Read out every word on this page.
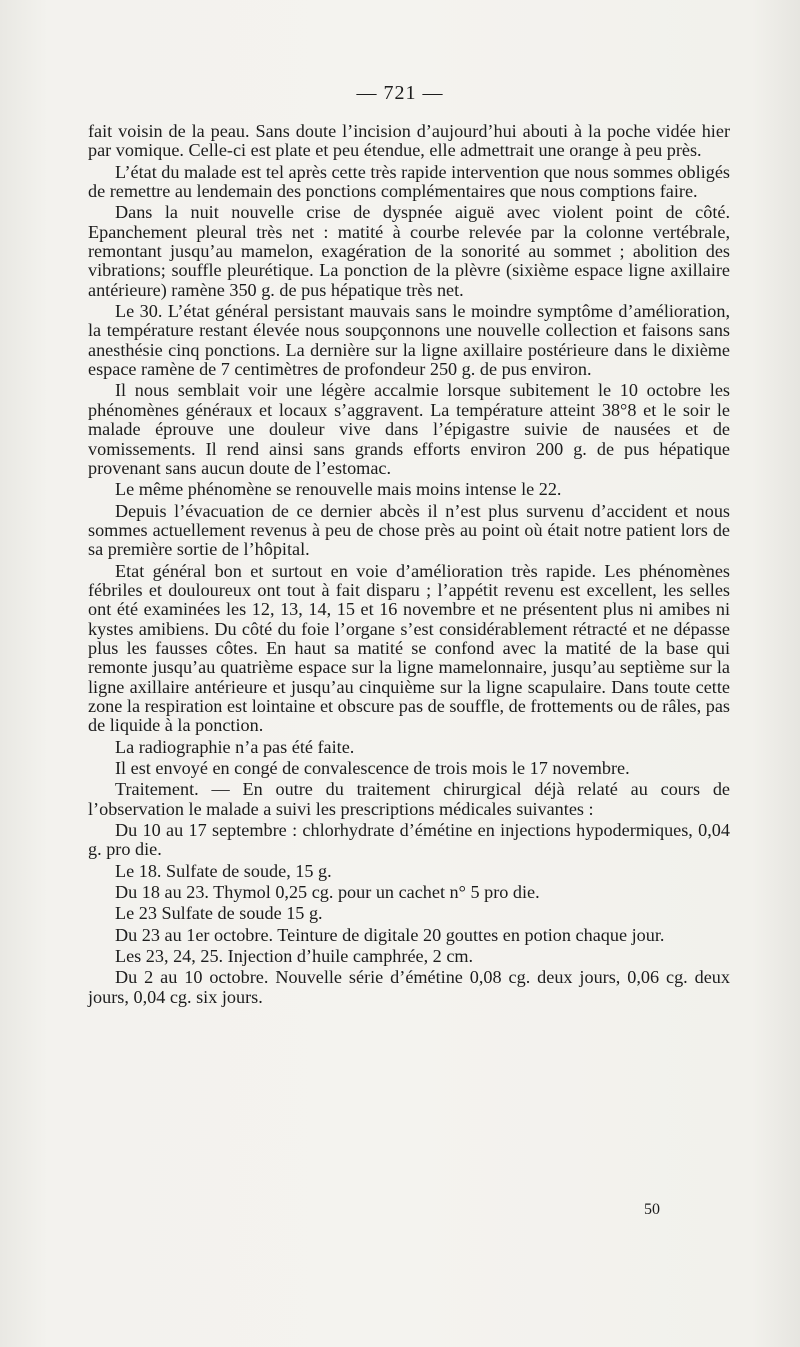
— 721 —

fait voisin de la peau. Sans doute l’incision d’aujourd’hui abouti à la poche vidée hier par vomique. Celle-ci est plate et peu étendue, elle admettrait une orange à peu près.

L’état du malade est tel après cette très rapide intervention que nous sommes obligés de remettre au lendemain des ponctions complémentaires que nous comptions faire.

Dans la nuit nouvelle crise de dyspnée aiguë avec violent point de côté. Epanchement pleural très net : matité à courbe relevée par la colonne vertébrale, remontant jusqu’au mamelon, exagération de la sonorité au sommet ; abolition des vibrations; souffle pleurétique. La ponction de la plèvre (sixième espace ligne axillaire antérieure) ramène 350 g. de pus hépatique très net.

Le 30. L’état général persistant mauvais sans le moindre symptôme d’amélioration, la température restant élevée nous soupçonnons une nouvelle collection et faisons sans anesthésie cinq ponctions. La dernière sur la ligne axillaire postérieure dans le dixième espace ramène de 7 centimètres de profondeur 250 g. de pus environ.

Il nous semblait voir une légère accalmie lorsque subitement le 10 octobre les phénomènes généraux et locaux s’aggravent. La température atteint 38°8 et le soir le malade éprouve une douleur vive dans l’épigastre suivie de nausées et de vomissements. Il rend ainsi sans grands efforts environ 200 g. de pus hépatique provenant sans aucun doute de l’estomac.

Le même phénomène se renouvelle mais moins intense le 22.

Depuis l’évacuation de ce dernier abcès il n’est plus survenu d’accident et nous sommes actuellement revenus à peu de chose près au point où était notre patient lors de sa première sortie de l’hôpital.

Etat général bon et surtout en voie d’amélioration très rapide. Les phénomènes fébriles et douloureux ont tout à fait disparu ; l’appétit revenu est excellent, les selles ont été examinées les 12, 13, 14, 15 et 16 novembre et ne présentent plus ni amibes ni kystes amibiens. Du côté du foie l’organe s’est considérablement rétracté et ne dépasse plus les fausses côtes. En haut sa matité se confond avec la matité de la base qui remonte jusqu’au quatrième espace sur la ligne mamelonnaire, jusqu’au septième sur la ligne axillaire antérieure et jusqu’au cinquième sur la ligne scapulaire. Dans toute cette zone la respiration est lointaine et obscure pas de souffle, de frottements ou de râles, pas de liquide à la ponction.

La radiographie n’a pas été faite.

Il est envoyé en congé de convalescence de trois mois le 17 novembre.

Traitement. — En outre du traitement chirurgical déjà relaté au cours de l’observation le malade a suivi les prescriptions médicales suivantes :

Du 10 au 17 septembre : chlorhydrate d’émétine en injections hypodermiques, 0,04 g. pro die.

Le 18. Sulfate de soude, 15 g.

Du 18 au 23. Thymol 0,25 cg. pour un cachet n° 5 pro die.

Le 23 Sulfate de soude 15 g.

Du 23 au 1er octobre. Teinture de digitale 20 gouttes en potion chaque jour.

Les 23, 24, 25. Injection d’huile camphrée, 2 cm.

Du 2 au 10 octobre. Nouvelle série d’émétine 0,08 cg. deux jours, 0,06 cg. deux jours, 0,04 cg. six jours.

50
